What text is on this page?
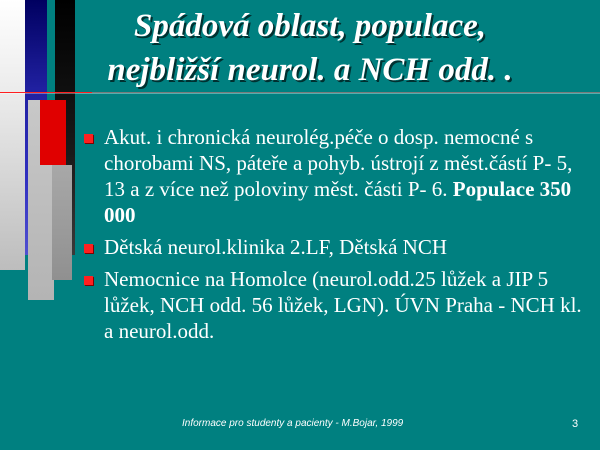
Spádová oblast, populace,
nejbližší neurol. a NCH odd. .
Akut. i chronická neurolég.péče o dosp. nemocné s chorobami NS, páteře a pohyb. ústrojí z měst.částí P- 5, 13 a z více než poloviny měst. části P- 6. Populace 350 000
Dětská neurol.klinika 2.LF, Dětská NCH
Nemocnice na Homolce (neurol.odd.25 lůžek a JIP 5 lůžek, NCH odd. 56 lůžek, LGN). ÚVN Praha - NCH kl. a neurol.odd.
Informace pro studenty a pacienty - M.Bojar, 1999	3
